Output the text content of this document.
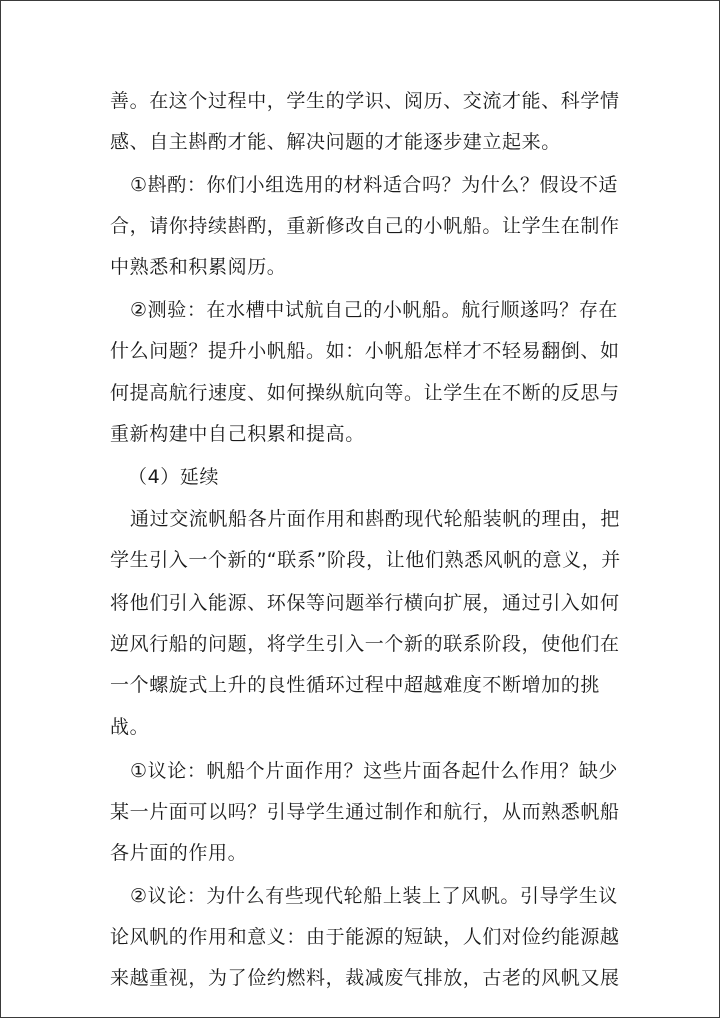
善。在这个过程中，学生的学识、阅历、交流才能、科学情
感、自主斟酌才能、解决问题的才能逐步建立起来。
①斟酌：你们小组选用的材料适合吗？为什么？假设不适
合，请你持续斟酌，重新修改自己的小帆船。让学生在制作
中熟悉和积累阅历。
②测验：在水槽中试航自己的小帆船。航行顺遂吗？存在
什么问题？提升小帆船。如：小帆船怎样才不轻易翻倒、如
何提高航行速度、如何操纵航向等。让学生在不断的反思与
重新构建中自己积累和提高。
（4）延续
通过交流帆船各片面作用和斟酌现代轮船装帆的理由，把
学生引入一个新的“联系”阶段，让他们熟悉风帆的意义，并
将他们引入能源、环保等问题举行横向扩展，通过引入如何
逆风行船的问题，将学生引入一个新的联系阶段，使他们在
一个螺旋式上升的良性循环过程中超越难度不断增加的挑
战。
①议论：帆船个片面作用？这些片面各起什么作用？缺少
某一片面可以吗？引导学生通过制作和航行，从而熟悉帆船
各片面的作用。
②议论：为什么有些现代轮船上装上了风帆。引导学生议
论风帆的作用和意义：由于能源的短缺，人们对俭约能源越
来越重视，为了俭约燃料，裁减废气排放，古老的风帆又展
